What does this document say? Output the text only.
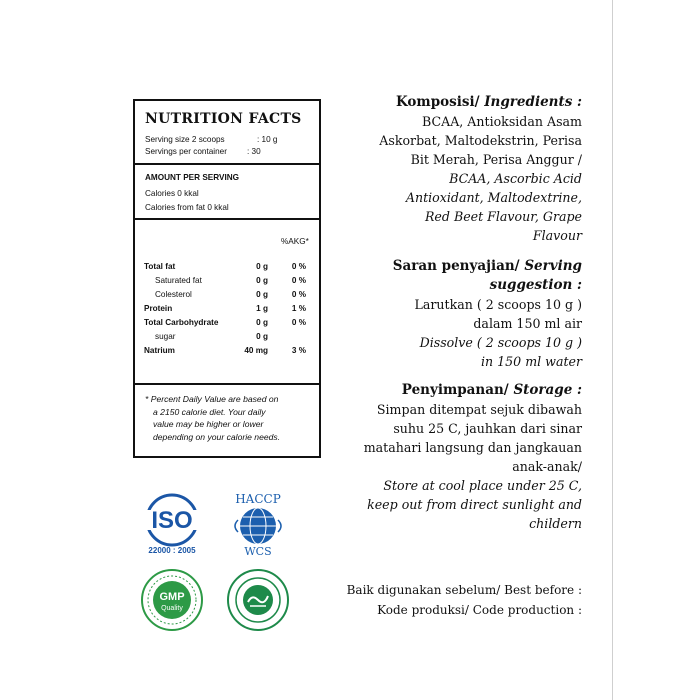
NUTRITION FACTS
Serving size 2 scoops	: 10 g
Servings per container : 30
AMOUNT PER SERVING
Calories 0 kkal
Calories from fat 0 kkal
%AKG*
Total fat	0 g	0 %
Saturated fat	0 g	0 %
Colesterol	0 g	0 %
Protein	1 g	1 %
Total Carbohydrate	0 g	0 %
sugar	0 g
Natrium	40 mg	3 %
* Percent Daily Value are based on
a 2150 calorie diet. Your daily
value may be higher or lower
depending on your calorie needs.
Komposisi/ Ingredients :
BCAA, Antioksidan Asam
Askorbat, Maltodekstrin, Perisa
Bit Merah, Perisa Anggur /
BCAA, Ascorbic Acid
Antioxidant, Maltodextrine,
Red Beet Flavour, Grape
Flavour
Saran penyajian/ Serving
suggestion :
Larutkan ( 2 scoops 10 g )
dalam 150 ml air
Dissolve ( 2 scoops 10 g )
in 150 ml water
Penyimpanan/ Storage :
Simpan ditempat sejuk dibawah
suhu 25 C, jauhkan dari sinar
matahari langsung dan jangkauan
anak-anak/
Store at cool place under 25 C,
keep out from direct sunlight and
childern
Baik digunakan sebelum/ Best before :
Kode produksi/ Code production :
ISO
22000 : 2005
HACCP
WCS
GMP
Quality
